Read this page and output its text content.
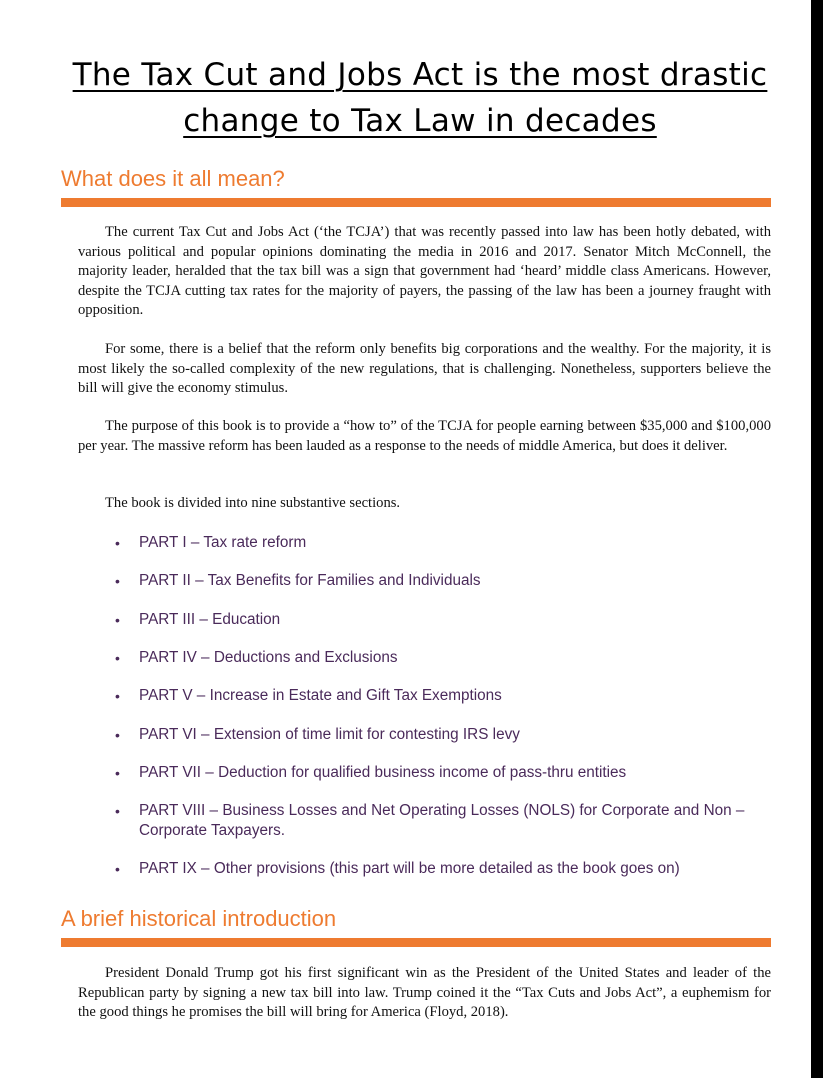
The Tax Cut and Jobs Act is the most drastic
change to Tax Law in decades
What does it all mean?

The current Tax Cut and Jobs Act (‘the TCJA’) that was recently passed into law has been hotly debated, with various political and popular opinions dominating the media in 2016 and 2017. Senator Mitch McConnell, the majority leader, heralded that the tax bill was a sign that government had ‘heard’ middle class Americans. However, despite the TCJA cutting tax rates for the majority of payers, the passing of the law has been a journey fraught with opposition.

For some, there is a belief that the reform only benefits big corporations and the wealthy. For the majority, it is most likely the so-called complexity of the new regulations, that is challenging. Nonetheless, supporters believe the bill will give the economy stimulus.

The purpose of this book is to provide a “how to” of the TCJA for people earning between $35,000 and $100,000 per year. The massive reform has been lauded as a response to the needs of middle America, but does it deliver.

The book is divided into nine substantive sections.

•	PART I – Tax rate reform
•	PART II – Tax Benefits for Families and Individuals
•	PART III – Education
•	PART IV – Deductions and Exclusions
•	PART V – Increase in Estate and Gift Tax Exemptions
•	PART VI – Extension of time limit for contesting IRS levy
•	PART VII – Deduction for qualified business income of pass-thru entities
•	PART VIII – Business Losses and Net Operating Losses (NOLS) for Corporate and Non – Corporate Taxpayers.
•	PART IX – Other provisions (this part will be more detailed as the book goes on)
A brief historical introduction

President Donald Trump got his first significant win as the President of the United States and leader of the Republican party by signing a new tax bill into law. Trump coined it the “Tax Cuts and Jobs Act”, a euphemism for the good things he promises the bill will bring for America (Floyd, 2018).
